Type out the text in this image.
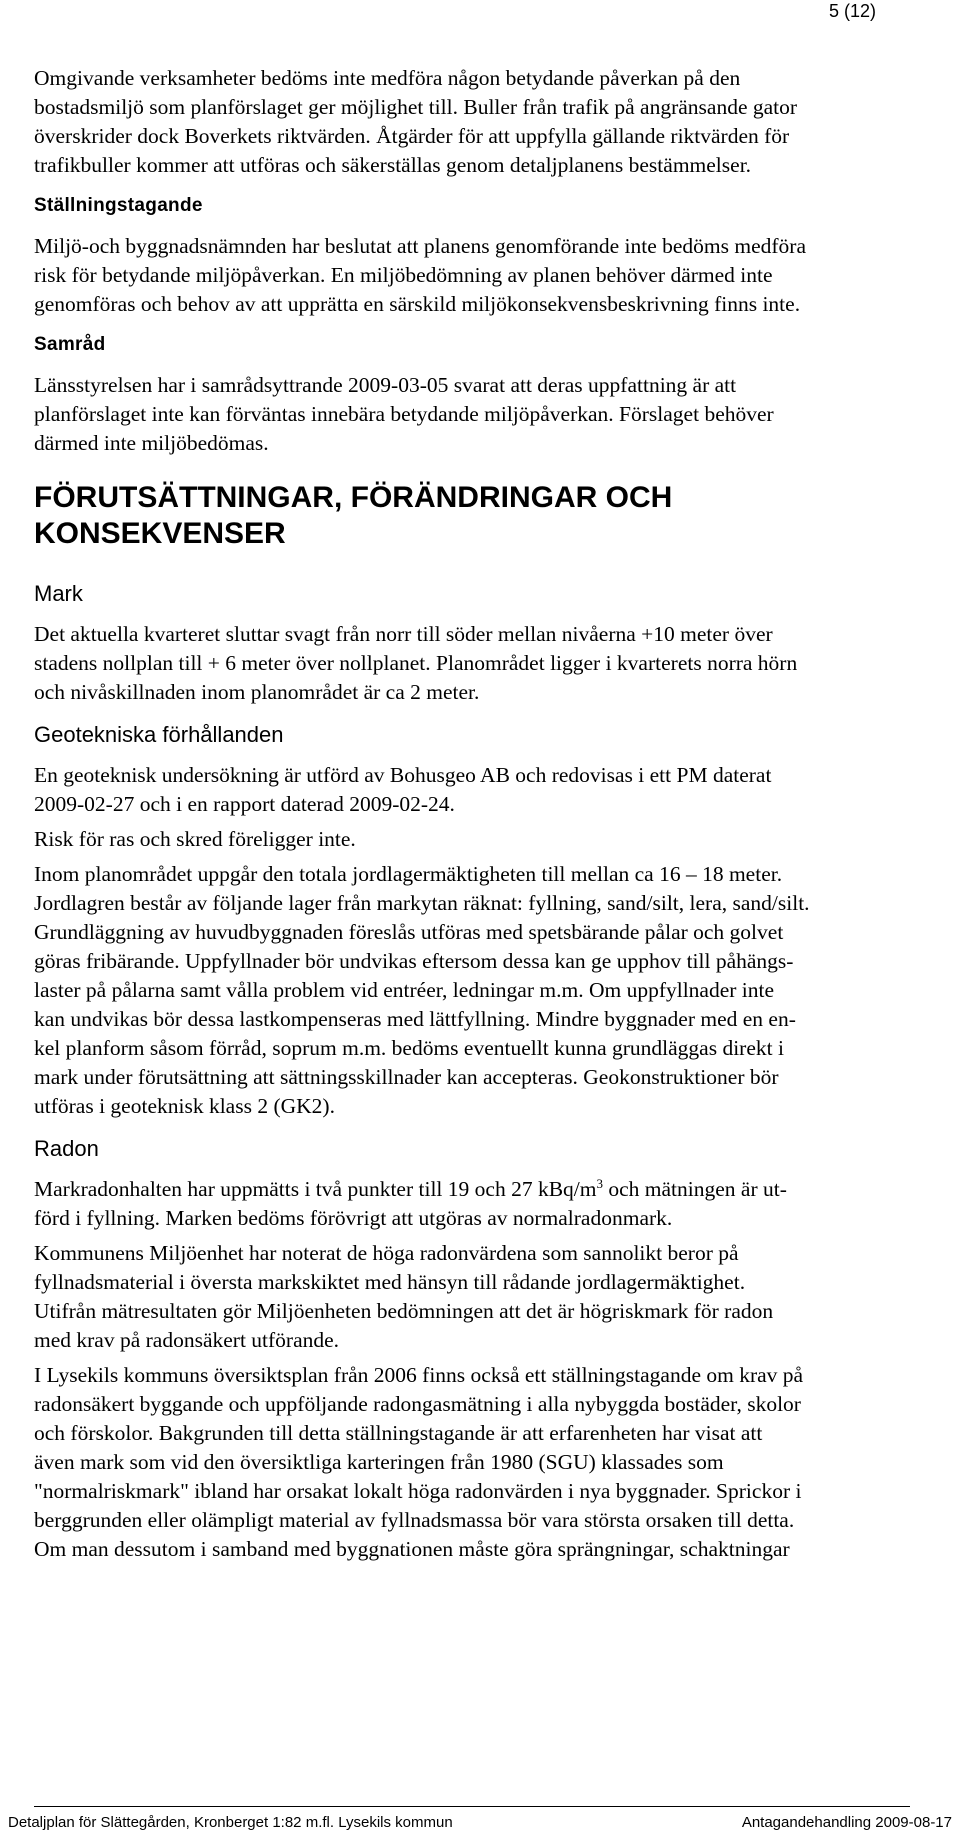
5 (12)

Omgivande verksamheter bedöms inte medföra någon betydande påverkan på den
bostadsmiljö som planförslaget ger möjlighet till. Buller från trafik på angränsande gator
överskrider dock Boverkets riktvärden. Åtgärder för att uppfylla gällande riktvärden för
trafikbuller kommer att utföras och säkerställas genom detaljplanens bestämmelser.

Ställningstagande

Miljö-och byggnadsnämnden har beslutat att planens genomförande inte bedöms medföra
risk för betydande miljöpåverkan. En miljöbedömning av planen behöver därmed inte
genomföras och behov av att upprätta en särskild miljökonsekvensbeskrivning finns inte.

Samråd

Länsstyrelsen har i samrådsyttrande 2009-03-05 svarat att deras uppfattning är att
planförslaget inte kan förväntas innebära betydande miljöpåverkan. Förslaget behöver
därmed inte miljöbedömas.

FÖRUTSÄTTNINGAR, FÖRÄNDRINGAR OCH
KONSEKVENSER
Mark

Det aktuella kvarteret sluttar svagt från norr till söder mellan nivåerna +10 meter över
stadens nollplan till + 6 meter över nollplanet. Planområdet ligger i kvarterets norra hörn
och nivåskillnaden inom planområdet är ca 2 meter.

Geotekniska förhållanden

En geoteknisk undersökning är utförd av Bohusgeo AB och redovisas i ett PM daterat
2009-02-27 och i en rapport daterad 2009-02-24.

Risk för ras och skred föreligger inte.

Inom planområdet uppgår den totala jordlagermäktigheten till mellan ca 16 – 18 meter.
Jordlagren består av följande lager från markytan räknat: fyllning, sand/silt, lera, sand/silt.
Grundläggning av huvudbyggnaden föreslås utföras med spetsbärande pålar och golvet
göras fribärande. Uppfyllnader bör undvikas eftersom dessa kan ge upphov till påhängs-
laster på pålarna samt vålla problem vid entréer, ledningar m.m. Om uppfyllnader inte
kan undvikas bör dessa lastkompenseras med lättfyllning. Mindre byggnader med en en-
kel planform såsom förråd, soprum m.m. bedöms eventuellt kunna grundläggas direkt i
mark under förutsättning att sättningsskillnader kan accepteras. Geokonstruktioner bör
utföras i geoteknisk klass 2 (GK2).

Radon

Markradonhalten har uppmätts i två punkter till 19 och 27 kBq/$m^3$ och mätningen är ut-
förd i fyllning. Marken bedöms förövrigt att utgöras av normalradonmark.

Kommunens Miljöenhet har noterat de höga radonvärdena som sannolikt beror på
fyllnadsmaterial i översta markskiktet med hänsyn till rådande jordlagermäktighet.
Utifrån mätresultaten gör Miljöenheten bedömningen att det är högriskmark för radon
med krav på radonsäkert utförande.

I Lysekils kommuns översiktsplan från 2006 finns också ett ställningstagande om krav på
radonsäkert byggande och uppföljande radongasmätning i alla nybyggda bostäder, skolor
och förskolor. Bakgrunden till detta ställningstagande är att erfarenheten har visat att
även mark som vid den översiktliga karteringen från 1980 (SGU) klassades som
"normalriskmark" ibland har orsakat lokalt höga radonvärden i nya byggnader. Sprickor i
berggrunden eller olämpligt material av fyllnadsmassa bör vara största orsaken till detta.
Om man dessutom i samband med byggnationen måste göra sprängningar, schaktningar

Detaljplan för Slättegården, Kronberget 1:82 m.fl. Lysekils kommun	Antagandehandling 2009-08-17
